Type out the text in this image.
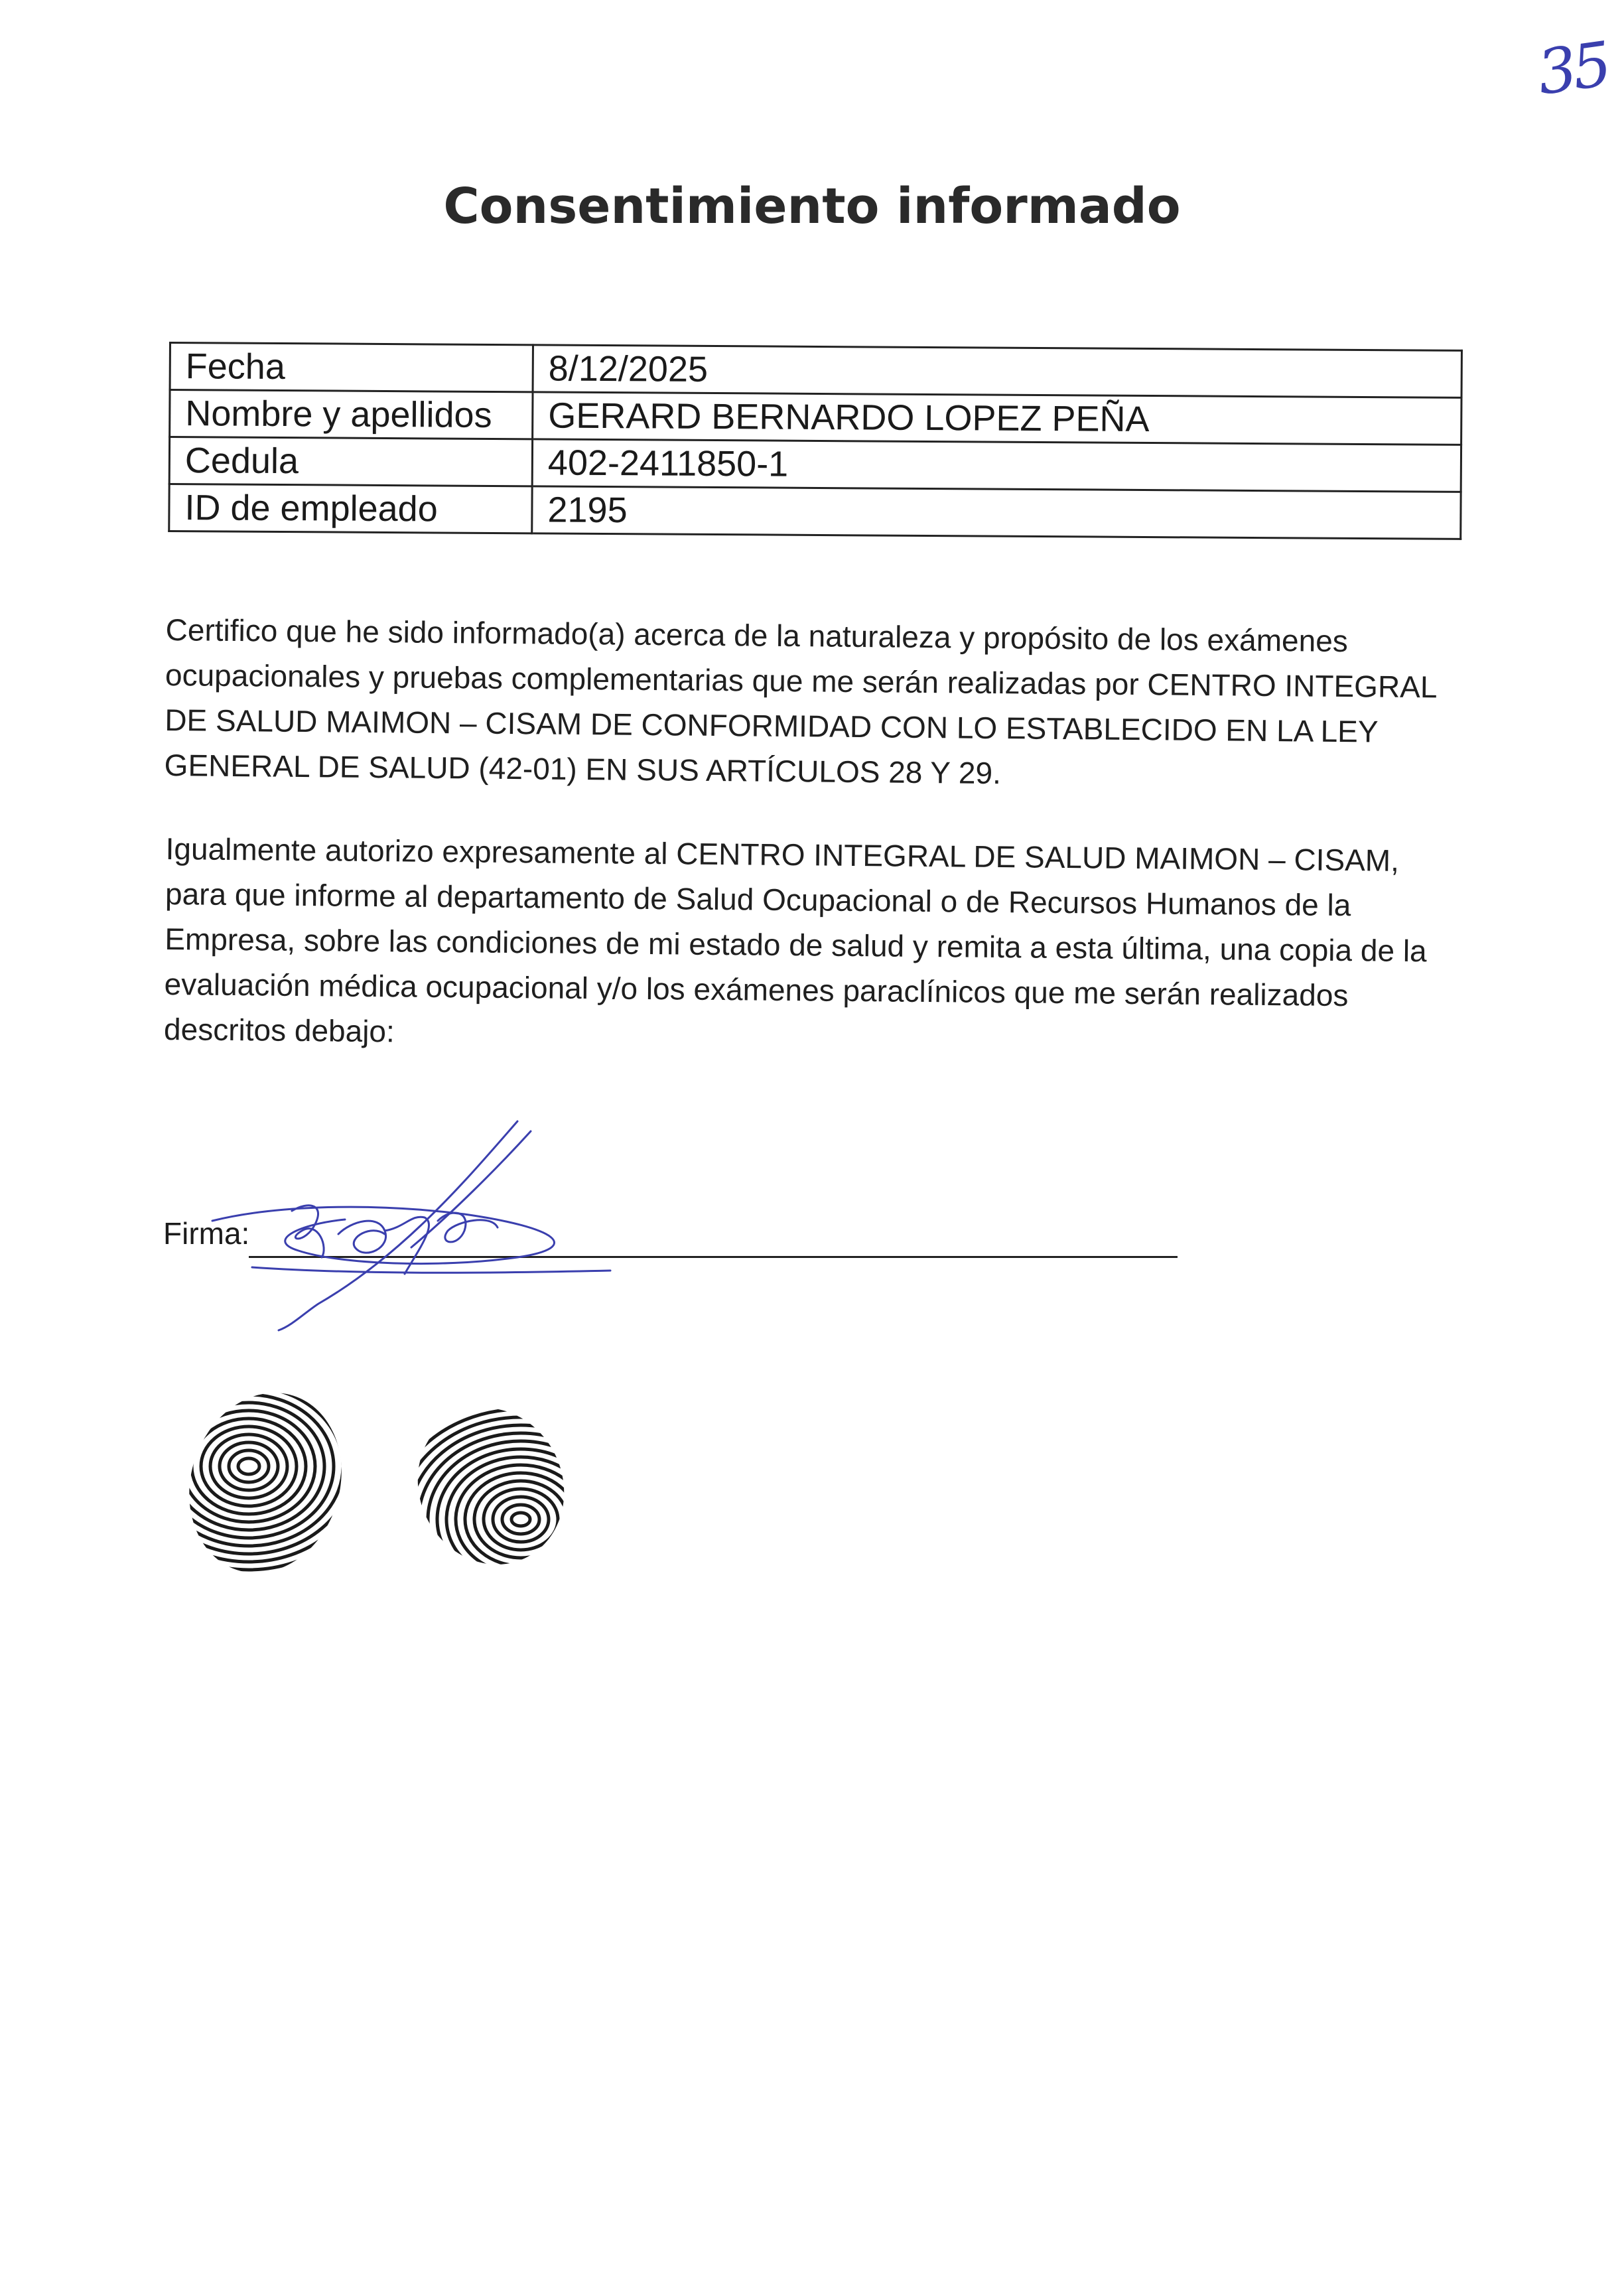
35
Consentimiento informado
Fecha	8/12/2025
Nombre y apellidos	GERARD BERNARDO LOPEZ PEÑA
Cedula	402-2411850-1
ID de empleado	2195
Certifico que he sido informado(a) acerca de la naturaleza y propósito de los exámenes ocupacionales y pruebas complementarias que me serán realizadas por CENTRO INTEGRAL DE SALUD MAIMON – CISAM DE CONFORMIDAD CON LO ESTABLECIDO EN LA LEY GENERAL DE SALUD (42-01) EN SUS ARTÍCULOS 28 Y 29.
Igualmente autorizo expresamente al CENTRO INTEGRAL DE SALUD MAIMON – CISAM, para que informe al departamento de Salud Ocupacional o de Recursos Humanos de la Empresa, sobre las condiciones de mi estado de salud y remita a esta última, una copia de la evaluación médica ocupacional y/o los exámenes paraclínicos que me serán realizados descritos debajo:
Firma:
